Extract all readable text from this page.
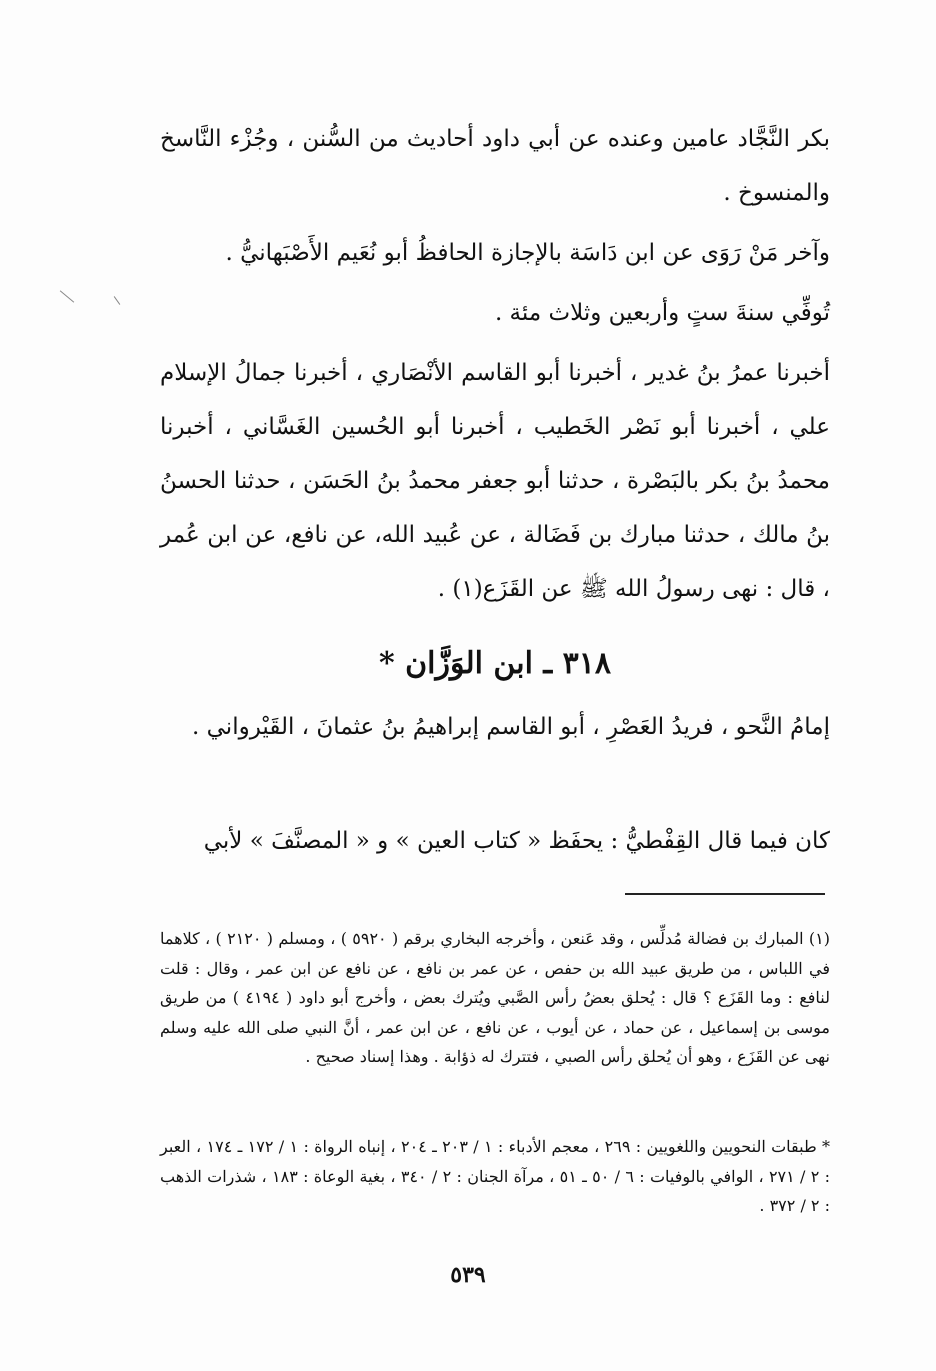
بكر النَّجَّاد عامين وعنده عن أبي داود أحاديث من السُّنن ، وجُزْء النَّاسخ والمنسوخ .

وآخر مَنْ رَوَى عن ابن دَاسَة بالإجازة الحافظُ أبو نُعَيم الأَصْبَهانيُّ .

تُوفِّي سنةَ ستٍ وأربعين وثلاث مئة .

أخبرنا عمرُ بنُ غدير ، أخبرنا أبو القاسم الأنْصَاري ، أخبرنا جمالُ الإسلام علي ، أخبرنا أبو نَصْر الخَطيب ، أخبرنا أبو الحُسين الغَسَّاني ، أخبرنا محمدُ بنُ بكر بالبَصْرة ، حدثنا أبو جعفر محمدُ بنُ الحَسَن ، حدثنا الحسنُ بنُ مالك ، حدثنا مبارك بن فَضَالة ، عن عُبيد الله، عن نافع، عن ابن عُمر ، قال : نهى رسولُ الله ﷺ عن القَزَع(١) .

٣١٨ ـ ابن الوَزَّان *

إمامُ النَّحو ، فريدُ العَصْرِ ، أبو القاسم إبراهيمُ بنُ عثمانَ ، القَيْرواني .

كان فيما قال القِفْطيُّ : يحفَظ « كتاب العين » و « المصنَّفَ » لأبي

(١) المبارك بن فضالة مُدلِّس ، وقد عَنعن ، وأخرجه البخاري برقم ( ٥٩٢٠ ) ، ومسلم ( ٢١٢٠ ) ، كلاهما في اللباس ، من طريق عبيد الله بن حفص ، عن عمر بن نافع ، عن نافع عن ابن عمر ، وقال : قلت لنافع : وما القَزَع ؟ قال : يُحلق بعضُ رأس الصَّبي ويُترك بعض ، وأخرج أبو داود ( ٤١٩٤ ) من طريق موسى بن إسماعيل ، عن حماد ، عن أيوب ، عن نافع ، عن ابن عمر ، أنَّ النبي صلى الله عليه وسلم نهى عن القَزَع ، وهو أن يُحلق رأس الصبي ، فتترك له ذؤابة . وهذا إسناد صحيح .

* طبقات النحويين واللغويين : ٢٦٩ ، معجم الأدباء : ١ / ٢٠٣ ـ ٢٠٤ ، إنباه الرواة : ١ / ١٧٢ ـ ١٧٤ ، العبر : ٢ / ٢٧١ ، الوافي بالوفيات : ٦ / ٥٠ ـ ٥١ ، مرآة الجنان : ٢ / ٣٤٠ ، بغية الوعاة : ١٨٣ ، شذرات الذهب : ٢ / ٣٧٢ .

٥٣٩
